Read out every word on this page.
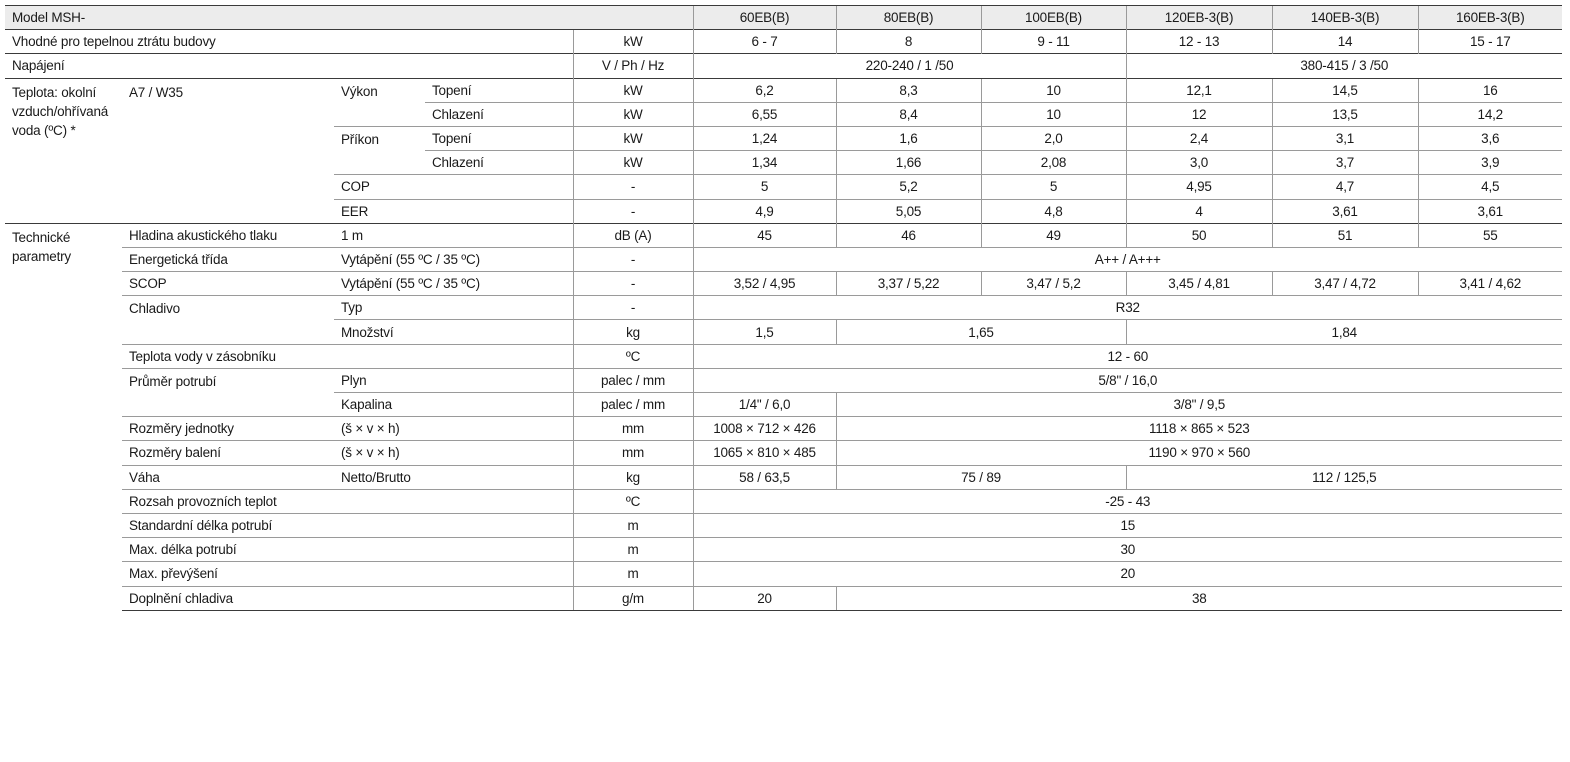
Model MSH-					60EB(B)	80EB(B)	100EB(B)	120EB-3(B)	140EB-3(B)	160EB-3(B)
Vhodné pro tepelnou ztrátu budovy				kW	6 - 7	8	9 - 11	12 - 13	14	15 - 17
Napájení				V / Ph / Hz	220-240 / 1 /50			380-415 / 3 /50		
Teplota: okolní vzduch/ohřívaná voda (ºC) *	A7 / W35	Výkon	Topení	kW	6,2	8,3	10	12,1	14,5	16
			Chlazení	kW	6,55	8,4	10	12	13,5	14,2
		Příkon	Topení	kW	1,24	1,6	2,0	2,4	3,1	3,6
			Chlazení	kW	1,34	1,66	2,08	3,0	3,7	3,9
		COP		-	5	5,2	5	4,95	4,7	4,5
		EER		-	4,9	5,05	4,8	4	3,61	3,61
Technické parametry	Hladina akustického tlaku	1 m		dB (A)	45	46	49	50	51	55
	Energetická třída	Vytápění (55 ºC / 35 ºC)		-	A++ / A+++					
	SCOP	Vytápění (55 ºC / 35 ºC)		-	3,52 / 4,95	3,37 / 5,22	3,47 / 5,2	3,45 / 4,81	3,47 / 4,72	3,41 / 4,62
	Chladivo	Typ		-	R32					
		Množství		kg	1,5	1,65		1,84		
	Teplota vody v zásobníku			ºC	12 - 60					
	Průměr potrubí	Plyn		palec / mm	5/8" / 16,0					
		Kapalina		palec / mm	1/4" / 6,0	3/8" / 9,5				
	Rozměry jednotky	(š × v × h)		mm	1008 × 712 × 426	1118 × 865 × 523				
	Rozměry balení	(š × v × h)		mm	1065 × 810 × 485	1190 × 970 × 560				
	Váha	Netto/Brutto		kg	58 / 63,5	75 / 89		112 / 125,5		
	Rozsah provozních teplot			ºC	-25 - 43					
	Standardní délka potrubí			m	15					
	Max. délka potrubí			m	30					
	Max. převýšení			m	20					
	Doplnění chladiva			g/m	20	38				
